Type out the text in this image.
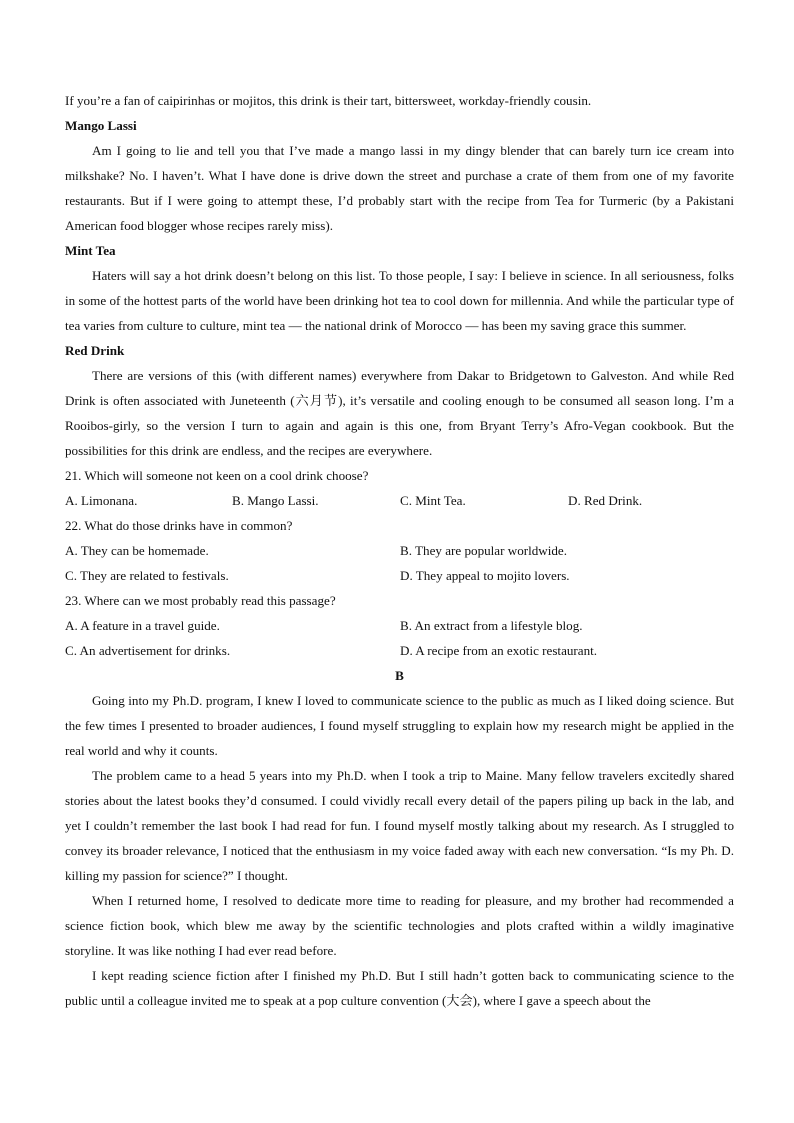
If you’re a fan of caipirinhas or mojitos, this drink is their tart, bittersweet, workday-friendly cousin.

Mango Lassi

Am I going to lie and tell you that I’ve made a mango lassi in my dingy blender that can barely turn ice cream into milkshake? No. I haven’t. What I have done is drive down the street and purchase a crate of them from one of my favorite restaurants. But if I were going to attempt these, I’d probably start with the recipe from Tea for Turmeric (by a Pakistani American food blogger whose recipes rarely miss).

Mint Tea

Haters will say a hot drink doesn’t belong on this list. To those people, I say: I believe in science. In all seriousness, folks in some of the hottest parts of the world have been drinking hot tea to cool down for millennia. And while the particular type of tea varies from culture to culture, mint tea — the national drink of Morocco — has been my saving grace this summer.

Red Drink

There are versions of this (with different names) everywhere from Dakar to Bridgetown to Galveston. And while Red Drink is often associated with Juneteenth (六月节), it’s versatile and cooling enough to be consumed all season long. I’m a Rooibos-girly, so the version I turn to again and again is this one, from Bryant Terry’s Afro-Vegan cookbook. But the possibilities for this drink are endless, and the recipes are everywhere.

21. Which will someone not keen on a cool drink choose?

A. Limonana.	B. Mango Lassi.	C. Mint Tea.	D. Red Drink.

22. What do those drinks have in common?

A. They can be homemade.	B. They are popular worldwide.
C. They are related to festivals.	D. They appeal to mojito lovers.

23. Where can we most probably read this passage?

A. A feature in a travel guide.	B. An extract from a lifestyle blog.
C. An advertisement for drinks.	D. A recipe from an exotic restaurant.

B

Going into my Ph.D. program, I knew I loved to communicate science to the public as much as I liked doing science. But the few times I presented to broader audiences, I found myself struggling to explain how my research might be applied in the real world and why it counts.

The problem came to a head 5 years into my Ph.D. when I took a trip to Maine. Many fellow travelers excitedly shared stories about the latest books they’d consumed. I could vividly recall every detail of the papers piling up back in the lab, and yet I couldn’t remember the last book I had read for fun. I found myself mostly talking about my research. As I struggled to convey its broader relevance, I noticed that the enthusiasm in my voice faded away with each new conversation. “Is my Ph. D. killing my passion for science?” I thought.

When I returned home, I resolved to dedicate more time to reading for pleasure, and my brother had recommended a science fiction book, which blew me away by the scientific technologies and plots crafted within a wildly imaginative storyline. It was like nothing I had ever read before.

I kept reading science fiction after I finished my Ph.D. But I still hadn’t gotten back to communicating science to the public until a colleague invited me to speak at a pop culture convention (大会), where I gave a speech about the
